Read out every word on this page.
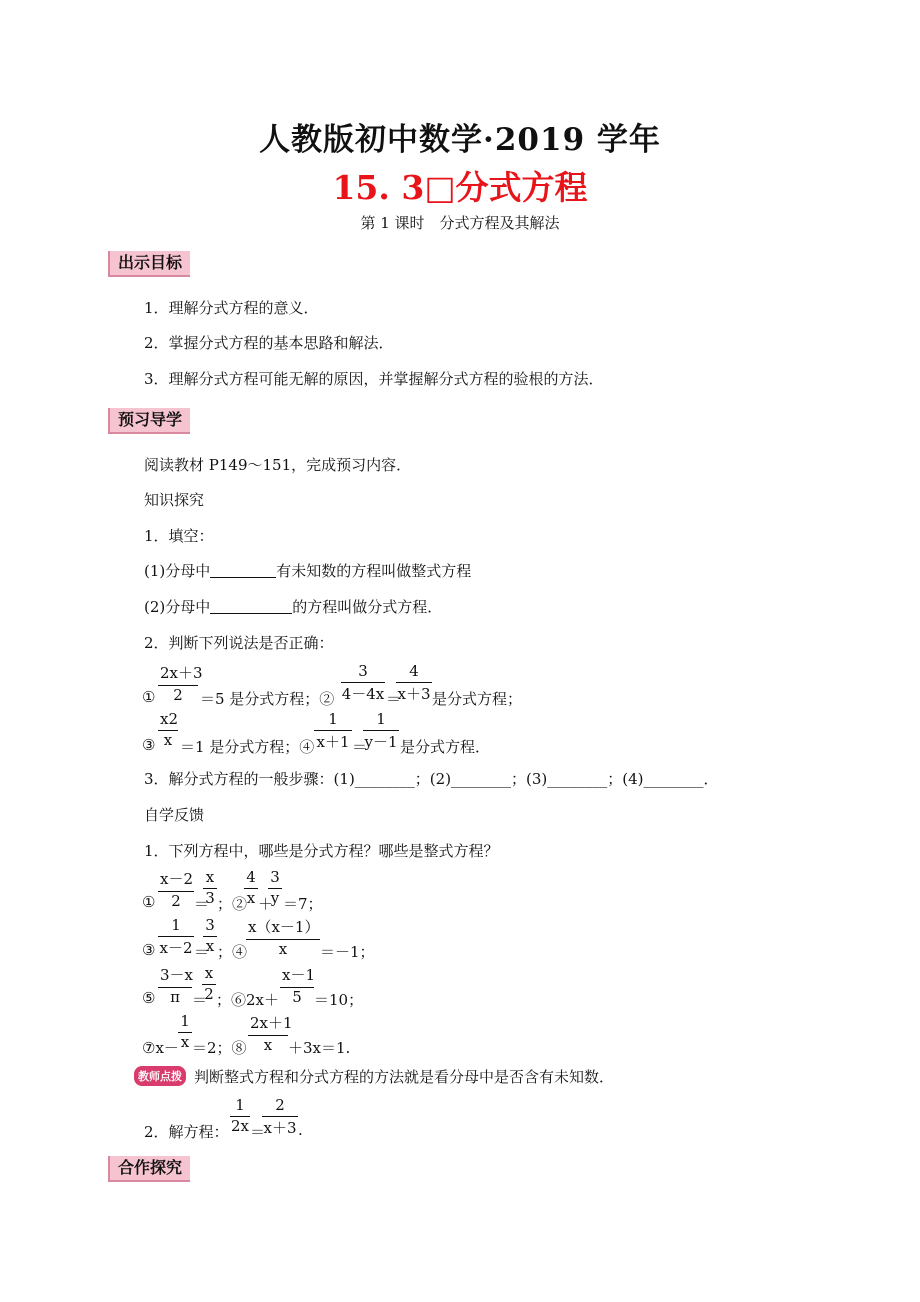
人教版初中数学·2019 学年
15. 3□分式方程
第 1 课时　分式方程及其解法
出示目标
1．理解分式方程的意义．
2．掌握分式方程的基本思路和解法．
3．理解分式方程可能无解的原因，并掌握解分式方程的验根的方法．
预习导学
阅读教材 P149～151，完成预习内容．
知识探究
1．填空：
(1)分母中	有未知数的方程叫做整式方程
(2)分母中	的方程叫做分式方程．
2．判断下列说法是否正确：
① $\frac{2x+3}{2} =5$ 是分式方程；② $\frac{3}{4-4x}$ ＝
$\frac{4}{x+3}$ 是分式方程；
③ $\frac{x2}{x} =1$ 是分式方程；④ $\frac{1}{x+1}$ ＝
$\frac{1}{y-1}$ 是分式方程．
3．解分式方程的一般步骤：(1)________；(2)________；(3)________；(4)________．
自学反馈
1．下列方程中，哪些是分式方程？哪些是整式方程？
① $\frac{x-2}{2}$ ＝
$\frac{x}{3}$ ；②
$\frac{4}{x}$ ＋
$\frac{3}{y} =7$；
③ $\frac{1}{x-2}$ ＝
$\frac{3}{x}$ ；④
$\frac{x(x-1)}{x} =-1$；
⑤ $\frac{3-x}{\pi}$ ＝
$\frac{x}{2}$ ；⑥2x＋ $\frac{x-1}{5} =10$；
⑦x－ $\frac{1}{x} =2$；⑧ $\frac{2x+1}{x} +3x=1$.
教师点拨 判断整式方程和分式方程的方法就是看分母中是否含有未知数．
2．解方程： $\frac{1}{2x}$ ＝
$\frac{2}{x+3}$ .
合作探究
